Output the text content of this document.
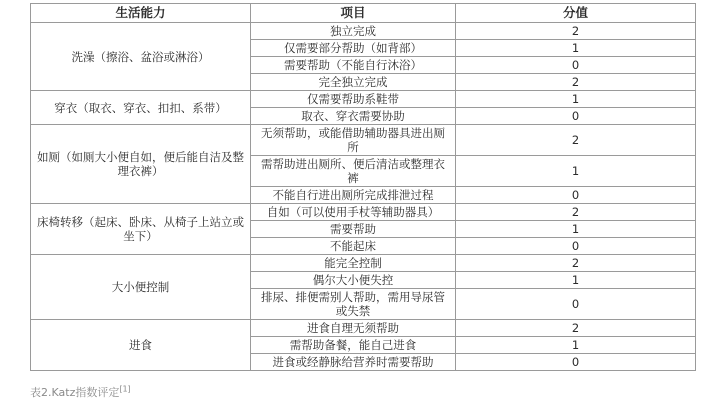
生活能力	项目	分值
洗澡（擦浴、盆浴或淋浴）	独立完成	2
	仅需要部分帮助（如背部）	1
	需要帮助（不能自行沐浴）	0
	完全独立完成	2
穿衣（取衣、穿衣、扣扣、系带）	仅需要帮助系鞋带	1
	取衣、穿衣需要协助	0
如厕（如厕大小便自如，便后能自洁及整理衣裤）	无须帮助，或能借助辅助器具进出厕所	2
	需帮助进出厕所、便后清洁或整理衣裤	1
	不能自行进出厕所完成排泄过程	0
床椅转移（起床、卧床、从椅子上站立或坐下）	自如（可以使用手杖等辅助器具）	2
	需要帮助	1
	不能起床	0
大小便控制	能完全控制	2
	偶尔大小便失控	1
	排尿、排便需别人帮助，需用导尿管或失禁	0
进食	进食自理无须帮助	2
	需帮助备餐，能自己进食	1
	进食或经静脉给营养时需要帮助	0
表2.Katz指数评定[1]
